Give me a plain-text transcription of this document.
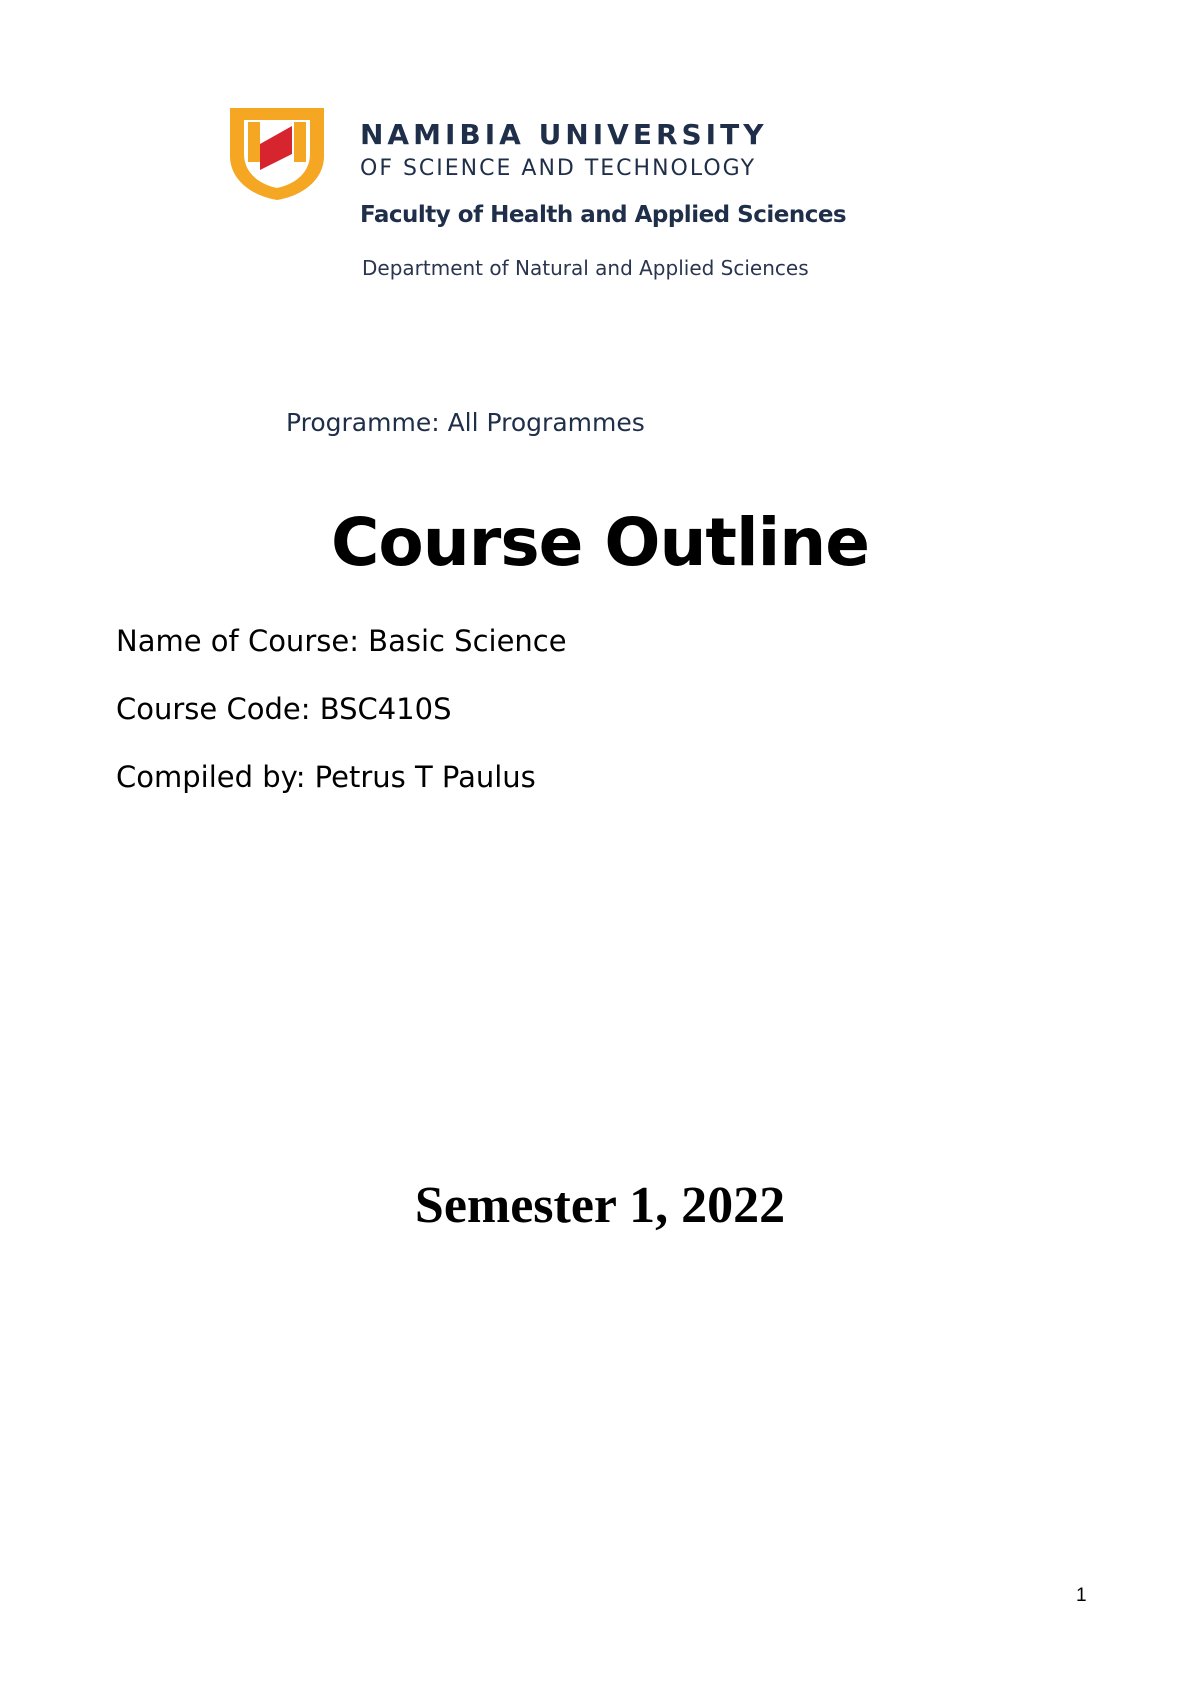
NAMIBIA UNIVERSITY
OF SCIENCE AND TECHNOLOGY
Faculty of Health and Applied Sciences
Department of Natural and Applied Sciences
Programme: All Programmes
Course Outline
Name of Course: Basic Science
Course Code: BSC410S
Compiled by: Petrus T Paulus
Semester 1, 2022
1
